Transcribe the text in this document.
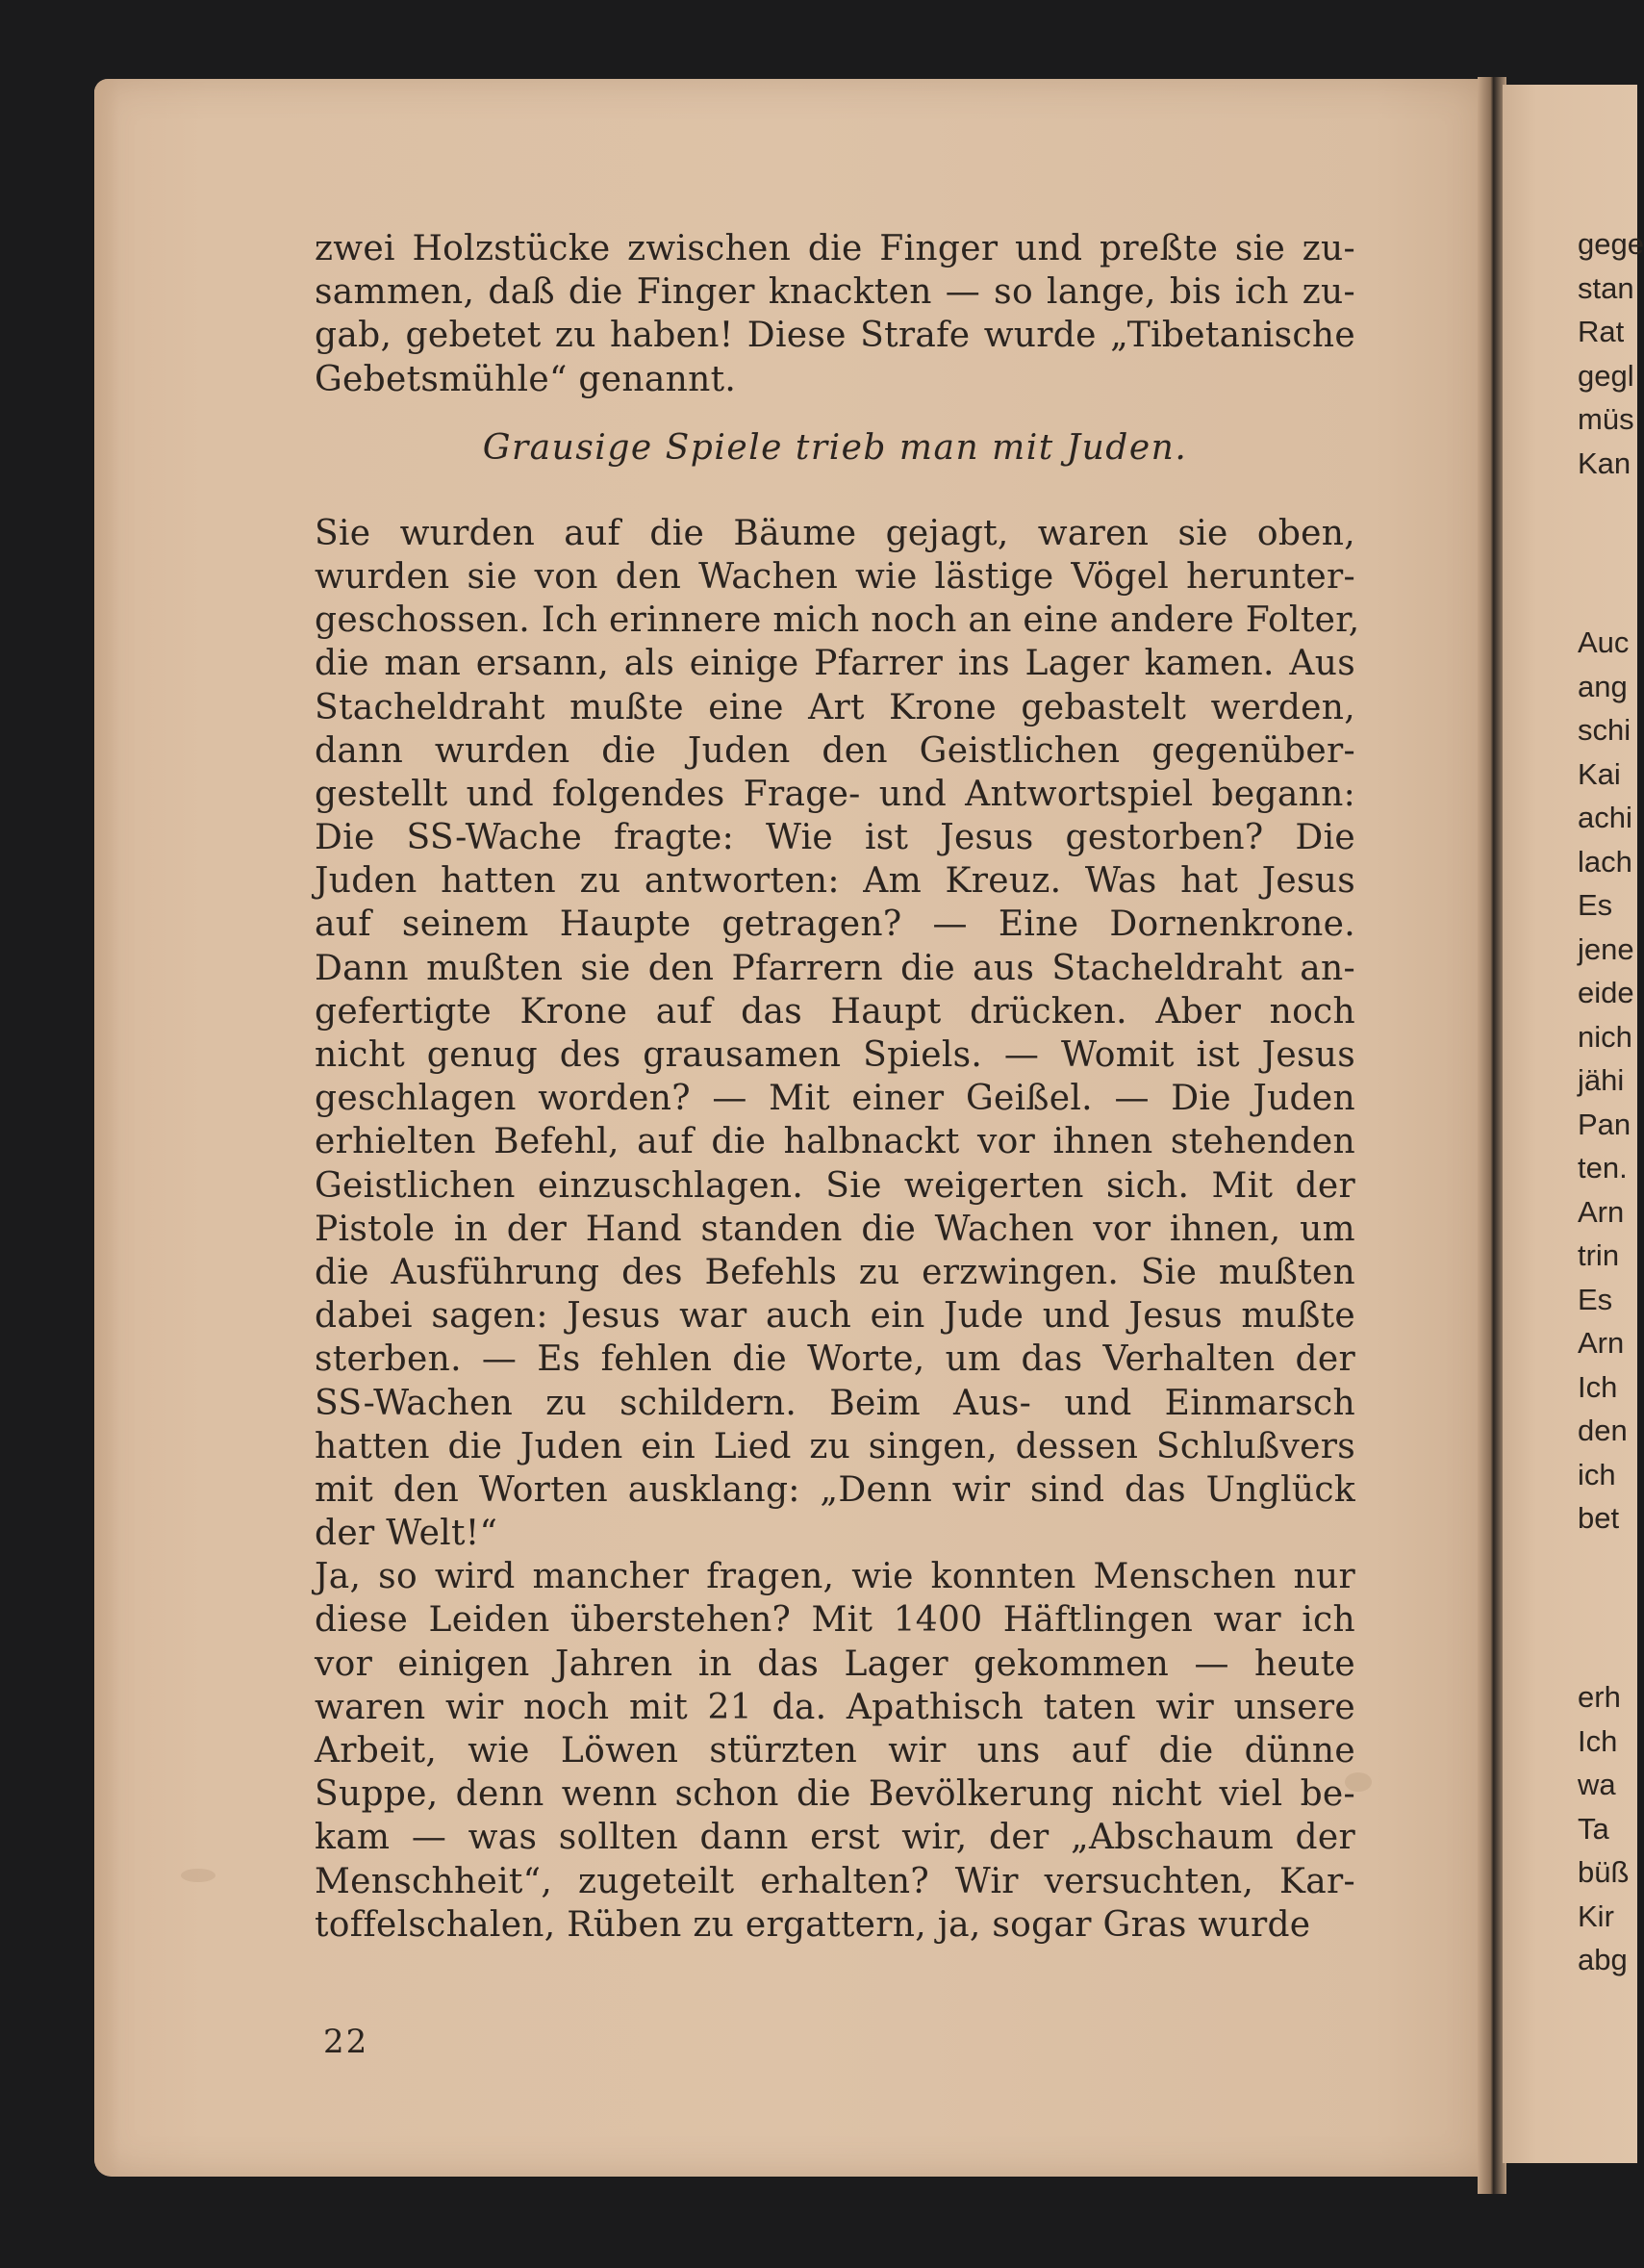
zwei Holzstücke zwischen die Finger und preßte sie zu-
sammen, daß die Finger knackten — so lange, bis ich zu-
gab, gebetet zu haben! Diese Strafe wurde „Tibetanische
Gebetsmühle“ genannt.
Grausige Spiele trieb man mit Juden.
Sie wurden auf die Bäume gejagt, waren sie oben,
wurden sie von den Wachen wie lästige Vögel herunter-
geschossen. Ich erinnere mich noch an eine andere Folter,
die man ersann, als einige Pfarrer ins Lager kamen. Aus
Stacheldraht mußte eine Art Krone gebastelt werden,
dann wurden die Juden den Geistlichen gegenüber-
gestellt und folgendes Frage- und Antwortspiel begann:
Die SS-Wache fragte: Wie ist Jesus gestorben? Die
Juden hatten zu antworten: Am Kreuz. Was hat Jesus
auf seinem Haupte getragen? — Eine Dornenkrone.
Dann mußten sie den Pfarrern die aus Stacheldraht an-
gefertigte Krone auf das Haupt drücken. Aber noch
nicht genug des grausamen Spiels. — Womit ist Jesus
geschlagen worden? — Mit einer Geißel. — Die Juden
erhielten Befehl, auf die halbnackt vor ihnen stehenden
Geistlichen einzuschlagen. Sie weigerten sich. Mit der
Pistole in der Hand standen die Wachen vor ihnen, um
die Ausführung des Befehls zu erzwingen. Sie mußten
dabei sagen: Jesus war auch ein Jude und Jesus mußte
sterben. — Es fehlen die Worte, um das Verhalten der
SS-Wachen zu schildern. Beim Aus- und Einmarsch
hatten die Juden ein Lied zu singen, dessen Schlußvers
mit den Worten ausklang: „Denn wir sind das Unglück
der Welt!“
Ja, so wird mancher fragen, wie konnten Menschen nur
diese Leiden überstehen? Mit 1400 Häftlingen war ich
vor einigen Jahren in das Lager gekommen — heute
waren wir noch mit 21 da. Apathisch taten wir unsere
Arbeit, wie Löwen stürzten wir uns auf die dünne
Suppe, denn wenn schon die Bevölkerung nicht viel be-
kam — was sollten dann erst wir, der „Abschaum der
Menschheit“, zugeteilt erhalten? Wir versuchten, Kar-
toffelschalen, Rüben zu ergattern, ja, sogar Gras wurde
22
gege
stan
Rat
gegl
müs
Kan
Auc
ang
schi
Kai
achi
lach
Es
jene
eide
nich
jähi
Pan
ten.
Arn
trin
Es
Arn
Ich
den
ich
bet
erh
Ich
wa
Ta
büß
Kir
abg
